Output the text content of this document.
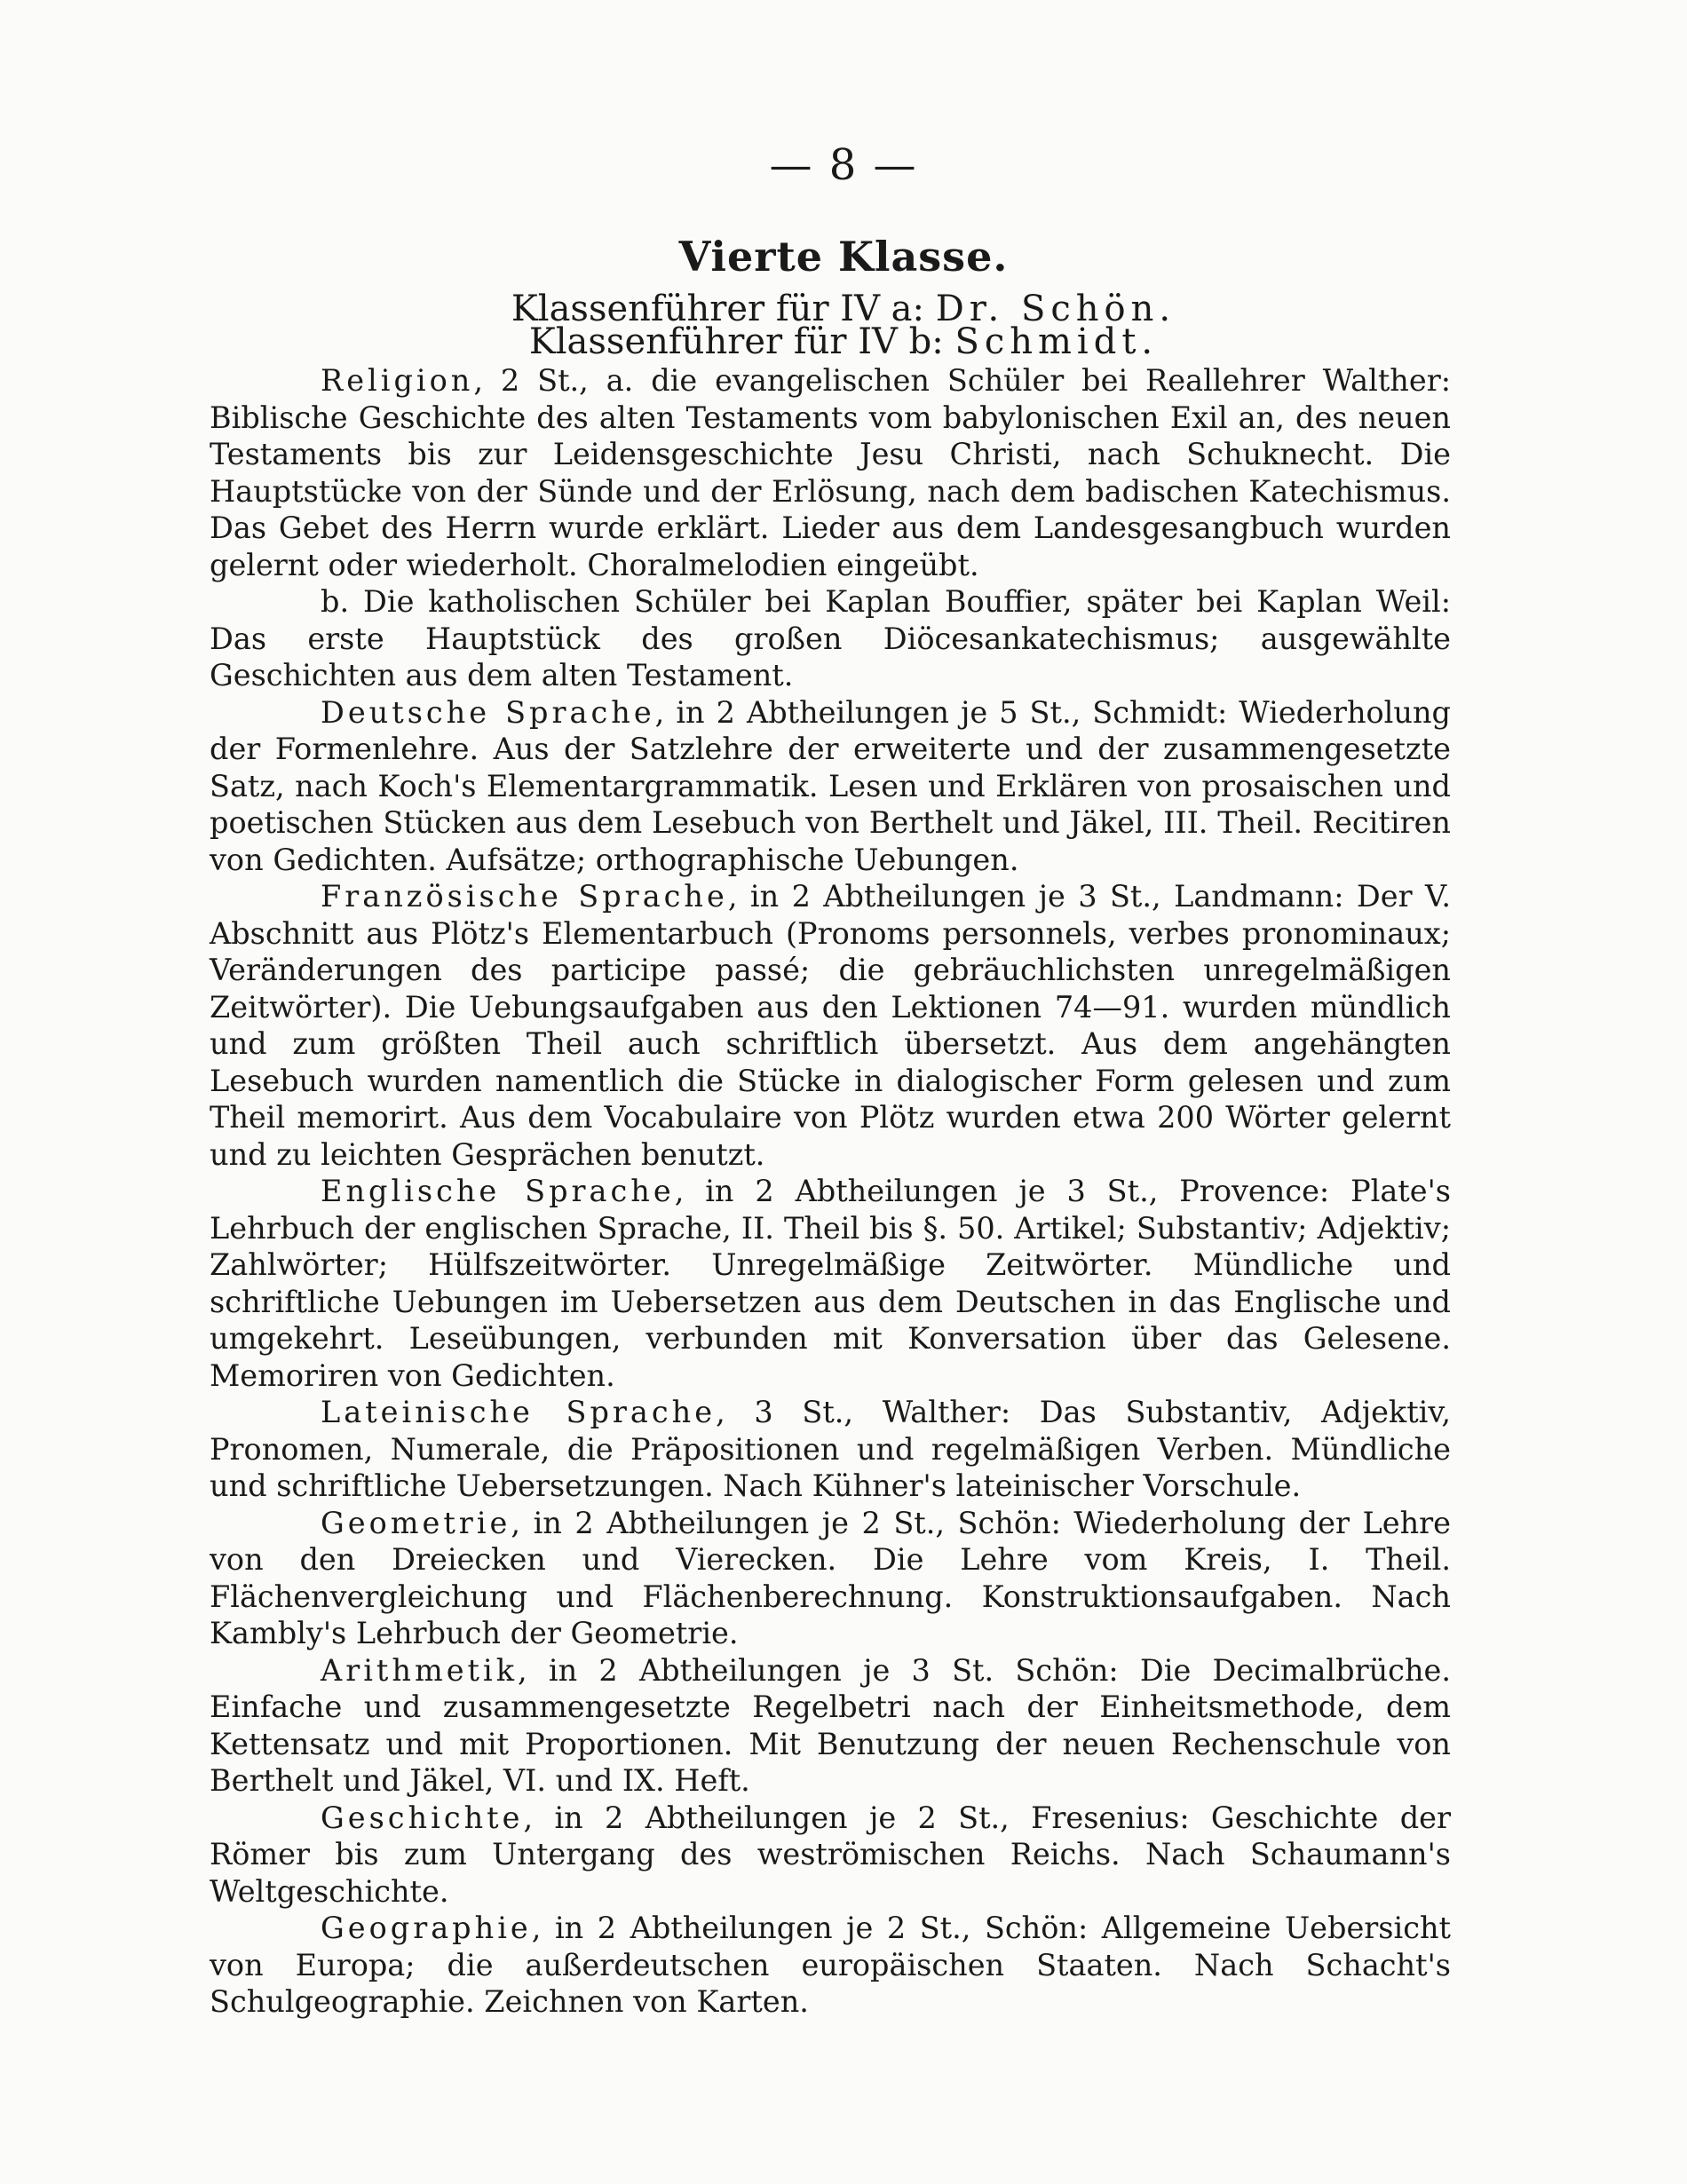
— 8 —
Vierte Klasse.
Klassenführer für IV a: Dr. Schön.
Klassenführer für IV b: Schmidt.

Religion, 2 St., a. die evangelischen Schüler bei Reallehrer Walther: Biblische Geschichte des alten Testaments vom babylonischen Exil an, des neuen Testaments bis zur Leidensgeschichte Jesu Christi, nach Schuknecht. Die Hauptstücke von der Sünde und der Erlösung, nach dem badischen Katechismus. Das Gebet des Herrn wurde erklärt. Lieder aus dem Landesgesangbuch wurden gelernt oder wiederholt. Choralmelodien eingeübt.

b. Die katholischen Schüler bei Kaplan Bouffier, später bei Kaplan Weil: Das erste Hauptstück des großen Diöcesankatechismus; ausgewählte Geschichten aus dem alten Testament.

Deutsche Sprache, in 2 Abtheilungen je 5 St., Schmidt: Wiederholung der Formenlehre. Aus der Satzlehre der erweiterte und der zusammengesetzte Satz, nach Koch's Elementargrammatik. Lesen und Erklären von prosaischen und poetischen Stücken aus dem Lesebuch von Berthelt und Jäkel, III. Theil. Recitiren von Gedichten. Aufsätze; orthographische Uebungen.

Französische Sprache, in 2 Abtheilungen je 3 St., Landmann: Der V. Abschnitt aus Plötz's Elementarbuch (Pronoms personnels, verbes pronominaux; Veränderungen des participe passé; die gebräuchlichsten unregelmäßigen Zeitwörter). Die Uebungsaufgaben aus den Lektionen 74—91. wurden mündlich und zum größten Theil auch schriftlich übersetzt. Aus dem angehängten Lesebuch wurden namentlich die Stücke in dialogischer Form gelesen und zum Theil memorirt. Aus dem Vocabulaire von Plötz wurden etwa 200 Wörter gelernt und zu leichten Gesprächen benutzt.

Englische Sprache, in 2 Abtheilungen je 3 St., Provence: Plate's Lehrbuch der englischen Sprache, II. Theil bis §. 50. Artikel; Substantiv; Adjektiv; Zahlwörter; Hülfszeitwörter. Unregelmäßige Zeitwörter. Mündliche und schriftliche Uebungen im Uebersetzen aus dem Deutschen in das Englische und umgekehrt. Leseübungen, verbunden mit Konversation über das Gelesene. Memoriren von Gedichten.

Lateinische Sprache, 3 St., Walther: Das Substantiv, Adjektiv, Pronomen, Numerale, die Präpositionen und regelmäßigen Verben. Mündliche und schriftliche Uebersetzungen. Nach Kühner's lateinischer Vorschule.

Geometrie, in 2 Abtheilungen je 2 St., Schön: Wiederholung der Lehre von den Dreiecken und Vierecken. Die Lehre vom Kreis, I. Theil. Flächenvergleichung und Flächenberechnung. Konstruktionsaufgaben. Nach Kambly's Lehrbuch der Geometrie.

Arithmetik, in 2 Abtheilungen je 3 St. Schön: Die Decimalbrüche. Einfache und zusammengesetzte Regelbetri nach der Einheitsmethode, dem Kettensatz und mit Proportionen. Mit Benutzung der neuen Rechenschule von Berthelt und Jäkel, VI. und IX. Heft.

Geschichte, in 2 Abtheilungen je 2 St., Fresenius: Geschichte der Römer bis zum Untergang des weströmischen Reichs. Nach Schaumann's Weltgeschichte.

Geographie, in 2 Abtheilungen je 2 St., Schön: Allgemeine Uebersicht von Europa; die außerdeutschen europäischen Staaten. Nach Schacht's Schulgeographie. Zeichnen von Karten.
